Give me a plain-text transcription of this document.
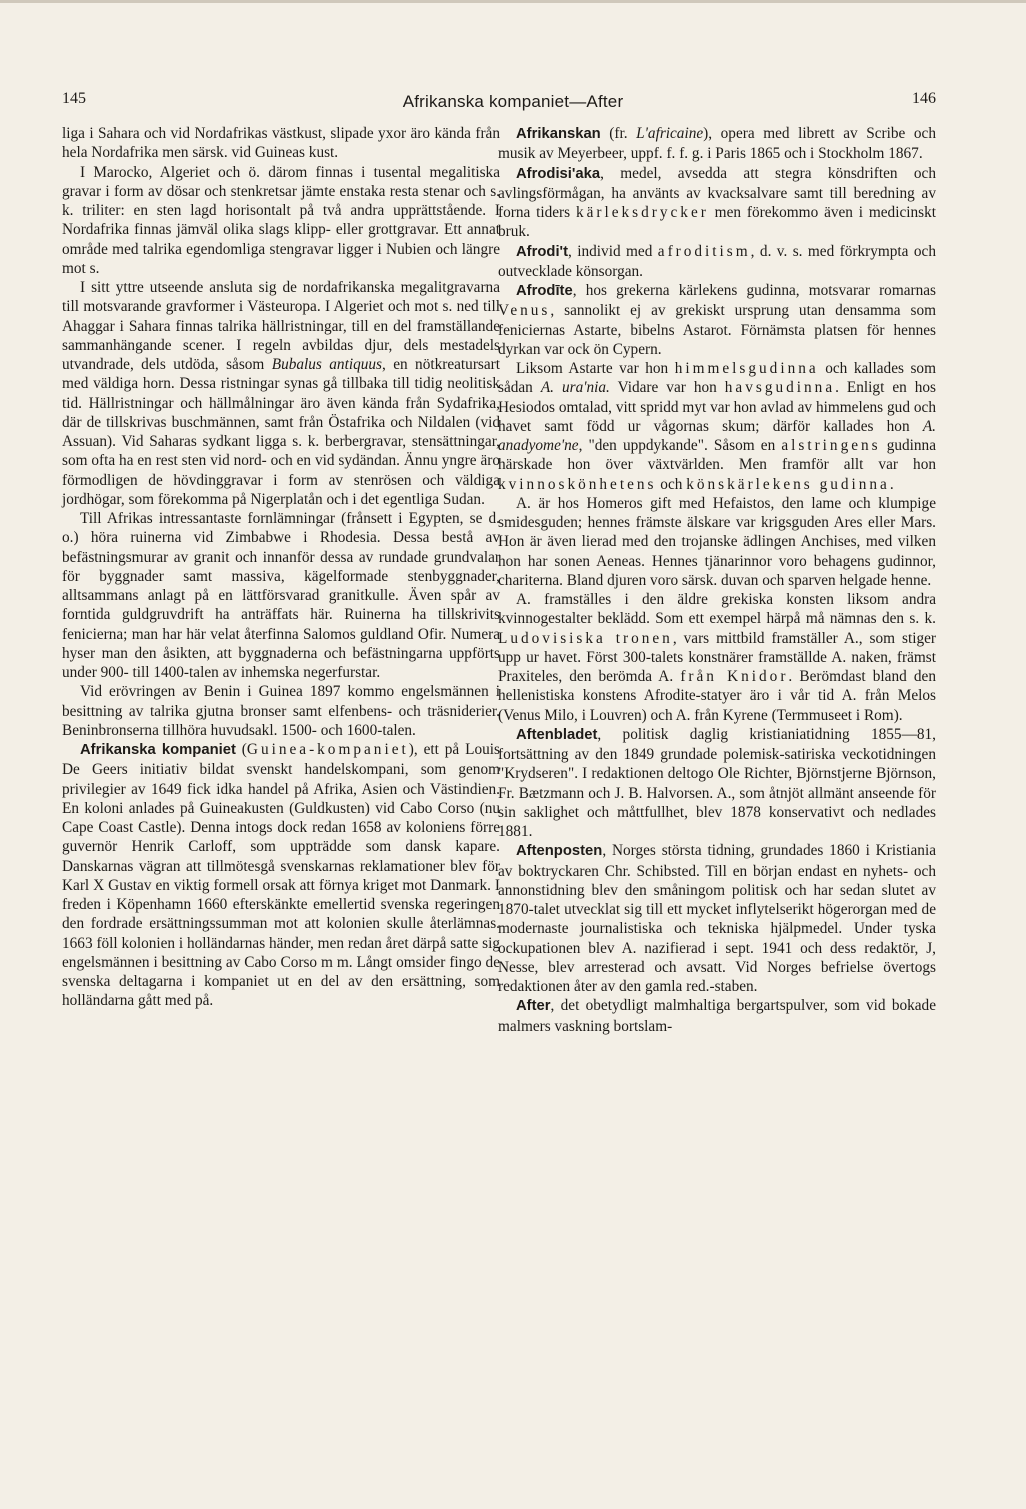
145	Afrikanska kompaniet—After	146

liga i Sahara och vid Nordafrikas västkust, slipade yxor äro kända från hela Nordafrika men särsk. vid Guineas kust.

I Marocko, Algeriet och ö. därom finnas i tusental megalitiska gravar i form av dösar och stenkretsar jämte enstaka resta stenar och s. k. triliter: en sten lagd horisontalt på två andra upprättstående. I Nordafrika finnas jämväl olika slags klipp- eller grottgravar. Ett annat område med talrika egendomliga stengravar ligger i Nubien och längre mot s.

I sitt yttre utseende ansluta sig de nordafrikanska megalitgravarna till motsvarande gravformer i Västeuropa. I Algeriet och mot s. ned till Ahaggar i Sahara finnas talrika hällristningar, till en del framställande sammanhängande scener. I regeln avbildas djur, dels mestadels utvandrade, dels utdöda, såsom Bubalus antiquus, en nötkreatursart med väldiga horn. Dessa ristningar synas gå tillbaka till tidig neolitisk tid. Hällristningar och hällmålningar äro även kända från Sydafrika, där de tillskrivas buschmännen, samt från Östafrika och Nildalen (vid Assuan). Vid Saharas sydkant ligga s. k. berbergravar, stensättningar, som ofta ha en rest sten vid nord- och en vid sydändan. Ännu yngre äro förmodligen de hövdinggravar i form av stenrösen och väldiga jordhögar, som förekomma på Nigerplatån och i det egentliga Sudan.

Till Afrikas intressantaste fornlämningar (frånsett i Egypten, se d. o.) höra ruinerna vid Zimbabwe i Rhodesia. Dessa bestå av befästningsmurar av granit och innanför dessa av rundade grundvalar för byggnader samt massiva, kägelformade stenbyggnader, alltsammans anlagt på en lättförsvarad granitkulle. Även spår av forntida guldgruvdrift ha anträffats här. Ruinerna ha tillskrivits fenicierna; man har här velat återfinna Salomos guldland Ofir. Numera hyser man den åsikten, att byggnaderna och befästningarna uppförts under 900- till 1400-talen av inhemska negerfurstar.

Vid erövringen av Benin i Guinea 1897 kommo engelsmännen i besittning av talrika gjutna bronser samt elfenbens- och träsniderier. Beninbronserna tillhöra huvudsakl. 1500- och 1600-talen.

Afrikanska kompaniet (Guinea-kompaniet), ett på Louis De Geers initiativ bildat svenskt handelskompani, som genom privilegier av 1649 fick idka handel på Afrika, Asien och Västindien. En koloni anlades på Guineakusten (Guldkusten) vid Cabo Corso (nu Cape Coast Castle). Denna intogs dock redan 1658 av koloniens förre guvernör Henrik Carloff, som uppträdde som dansk kapare. Danskarnas vägran att tillmötesgå svenskarnas reklamationer blev för Karl X Gustav en viktig formell orsak att förnya kriget mot Danmark. I freden i Köpenhamn 1660 efterskänkte emellertid svenska regeringen den fordrade ersättningssumman mot att kolonien skulle återlämnas. 1663 föll kolonien i holländarnas händer, men redan året därpå satte sig engelsmännen i besittning av Cabo Corso m m. Långt omsider fingo de svenska deltagarna i kompaniet ut en del av den ersättning, som holländarna gått med på.

Afrikanskan (fr. L'africaine), opera med librett av Scribe och musik av Meyerbeer, uppf. f. f. g. i Paris 1865 och i Stockholm 1867.

Afrodisi'aka, medel, avsedda att stegra könsdriften och avlingsförmågan, ha använts av kvacksalvare samt till beredning av forna tiders kärleksdrycker men förekommo även i medicinskt bruk.

Afrodi't, individ med afroditism, d. v. s. med förkrympta och outvecklade könsorgan.

Afrodīte, hos grekerna kärlekens gudinna, motsvarar romarnas Venus, sannolikt ej av grekiskt ursprung utan densamma som feniciernas Astarte, bibelns Astarot. Förnämsta platsen för hennes dyrkan var ock ön Cypern.

Liksom Astarte var hon himmelsgudinna och kallades som sådan A. ura'nia. Vidare var hon havsgudinna. Enligt en hos Hesiodos omtalad, vitt spridd myt var hon avlad av himmelens gud och havet samt född ur vågornas skum; därför kallades hon A. anadyome'ne, "den uppdykande". Såsom en alstringens gudinna härskade hon över växtvärlden. Men framför allt var hon kvinnoskönhetens och könskärlekens gudinna.

A. är hos Homeros gift med Hefaistos, den lame och klumpige smidesguden; hennes främste älskare var krigsguden Ares eller Mars. Hon är även lierad med den trojanske ädlingen Anchises, med vilken hon har sonen Aeneas. Hennes tjänarinnor voro behagens gudinnor, chariterna. Bland djuren voro särsk. duvan och sparven helgade henne.

A. framställes i den äldre grekiska konsten liksom andra kvinnogestalter beklädd. Som ett exempel härpå må nämnas den s. k. Ludovisiska tronen, vars mittbild framställer A., som stiger upp ur havet. Först 300-talets konstnärer framställde A. naken, främst Praxiteles, den berömda A. från Knidor. Berömdast bland den hellenistiska konstens Afrodite-statyer äro i vår tid A. från Melos (Venus Milo, i Louvren) och A. från Kyrene (Termmuseet i Rom).

Aftenbladet, politisk daglig kristianiatidning 1855—81, fortsättning av den 1849 grundade polemisk-satiriska veckotidningen "Krydseren". I redaktionen deltogo Ole Richter, Björnstjerne Björnson, Fr. Bætzmann och J. B. Halvorsen. A., som åtnjöt allmänt anseende för sin saklighet och måttfullhet, blev 1878 konservativt och nedlades 1881.

Aftenposten, Norges största tidning, grundades 1860 i Kristiania av boktryckaren Chr. Schibsted. Till en början endast en nyhets- och annonstidning blev den småningom politisk och har sedan slutet av 1870-talet utvecklat sig till ett mycket inflytelserikt högerorgan med de modernaste journalistiska och tekniska hjälpmedel. Under tyska ockupationen blev A. nazifierad i sept. 1941 och dess redaktör, J, Nesse, blev arresterad och avsatt. Vid Norges befrielse övertogs redaktionen åter av den gamla red.-staben.

After, det obetydligt malmhaltiga bergartspulver, som vid bokade malmers vaskning bortslam-
